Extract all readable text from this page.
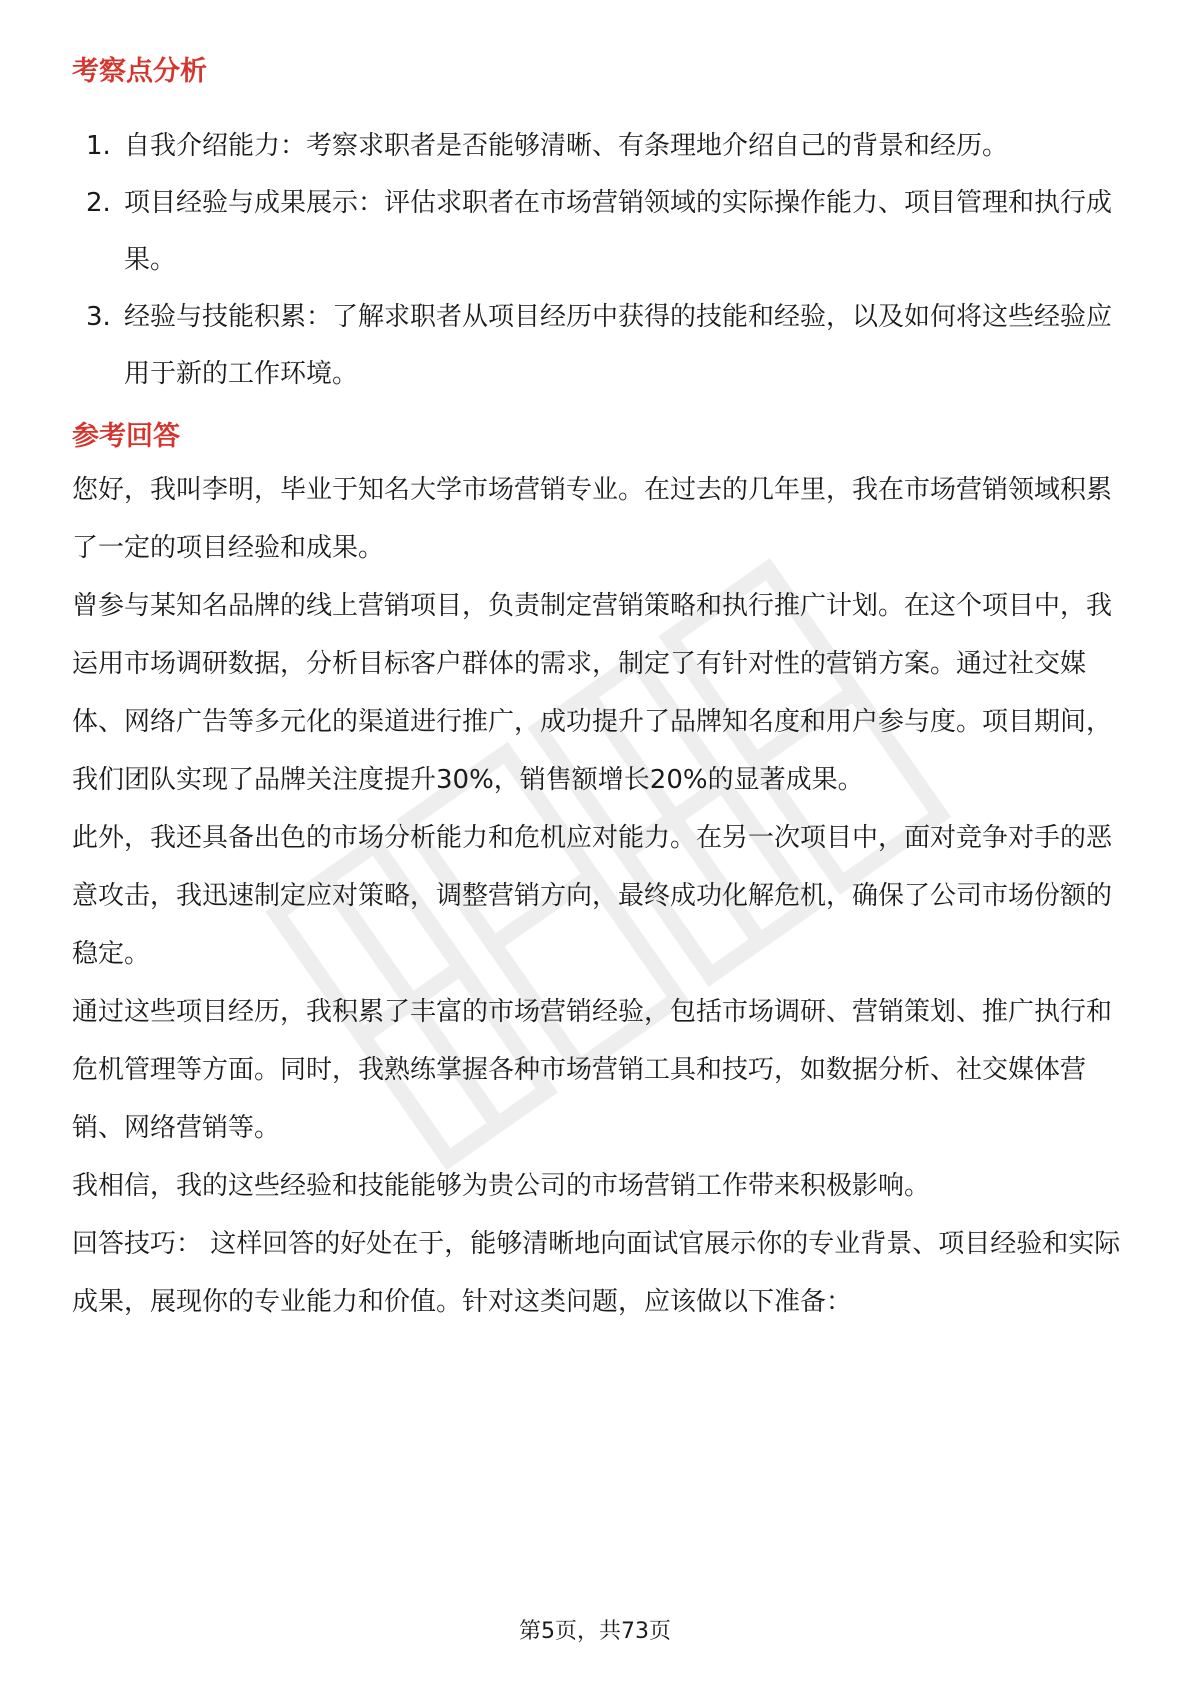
考察点分析
1. 自我介绍能力：考察求职者是否能够清晰、有条理地介绍自己的背景和经历。
2. 项目经验与成果展示：评估求职者在市场营销领域的实际操作能力、项目管理和执行成果。
3. 经验与技能积累：了解求职者从项目经历中获得的技能和经验，以及如何将这些经验应用于新的工作环境。
参考回答

您好，我叫李明，毕业于知名大学市场营销专业。在过去的几年里，我在市场营销领域积累了一定的项目经验和成果。

曾参与某知名品牌的线上营销项目，负责制定营销策略和执行推广计划。在这个项目中，我运用市场调研数据，分析目标客户群体的需求，制定了有针对性的营销方案。通过社交媒体、网络广告等多元化的渠道进行推广，成功提升了品牌知名度和用户参与度。项目期间，我们团队实现了品牌关注度提升30%，销售额增长20%的显著成果。

此外，我还具备出色的市场分析能力和危机应对能力。在另一次项目中，面对竞争对手的恶意攻击，我迅速制定应对策略，调整营销方向，最终成功化解危机，确保了公司市场份额的稳定。

通过这些项目经历，我积累了丰富的市场营销经验，包括市场调研、营销策划、推广执行和危机管理等方面。同时，我熟练掌握各种市场营销工具和技巧，如数据分析、社交媒体营销、网络营销等。

我相信，我的这些经验和技能能够为贵公司的市场营销工作带来积极影响。

回答技巧： 这样回答的好处在于，能够清晰地向面试官展示你的专业背景、项目经验和实际成果，展现你的专业能力和价值。针对这类问题，应该做以下准备：

第5页，共73页
